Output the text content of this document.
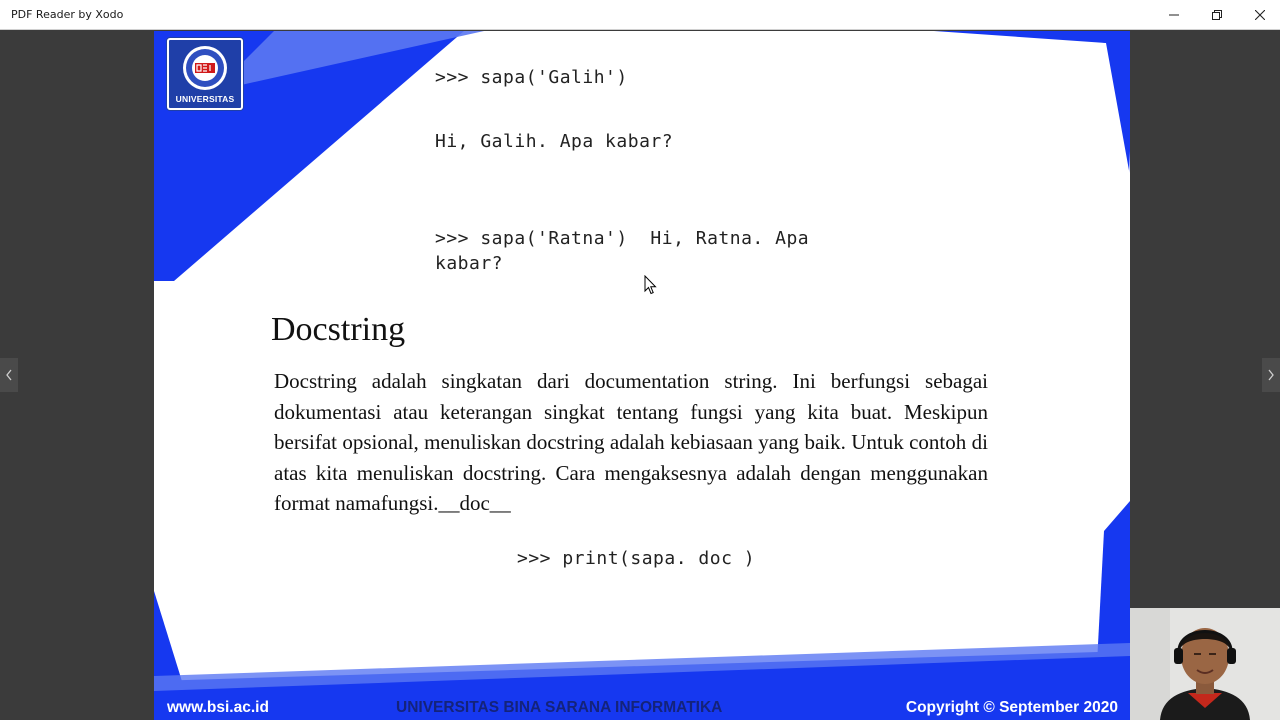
PDF Reader by Xodo
UNIVERSITAS
>>> sapa('Galih')
Hi, Galih. Apa kabar?
>>> sapa('Ratna')  Hi, Ratna. Apa
kabar?
Docstring
Docstring adalah singkatan dari documentation string. Ini berfungsi sebagai dokumentasi atau keterangan singkat tentang fungsi yang kita buat. Meskipun bersifat opsional, menuliskan docstring adalah kebiasaan yang baik. Untuk contoh di atas kita menuliskan docstring. Cara mengaksesnya adalah dengan menggunakan format namafungsi.__doc__
>>> print(sapa. doc )
www.bsi.ac.id	UNIVERSITAS BINA SARANA INFORMATIKA	Copyright © September 2020
